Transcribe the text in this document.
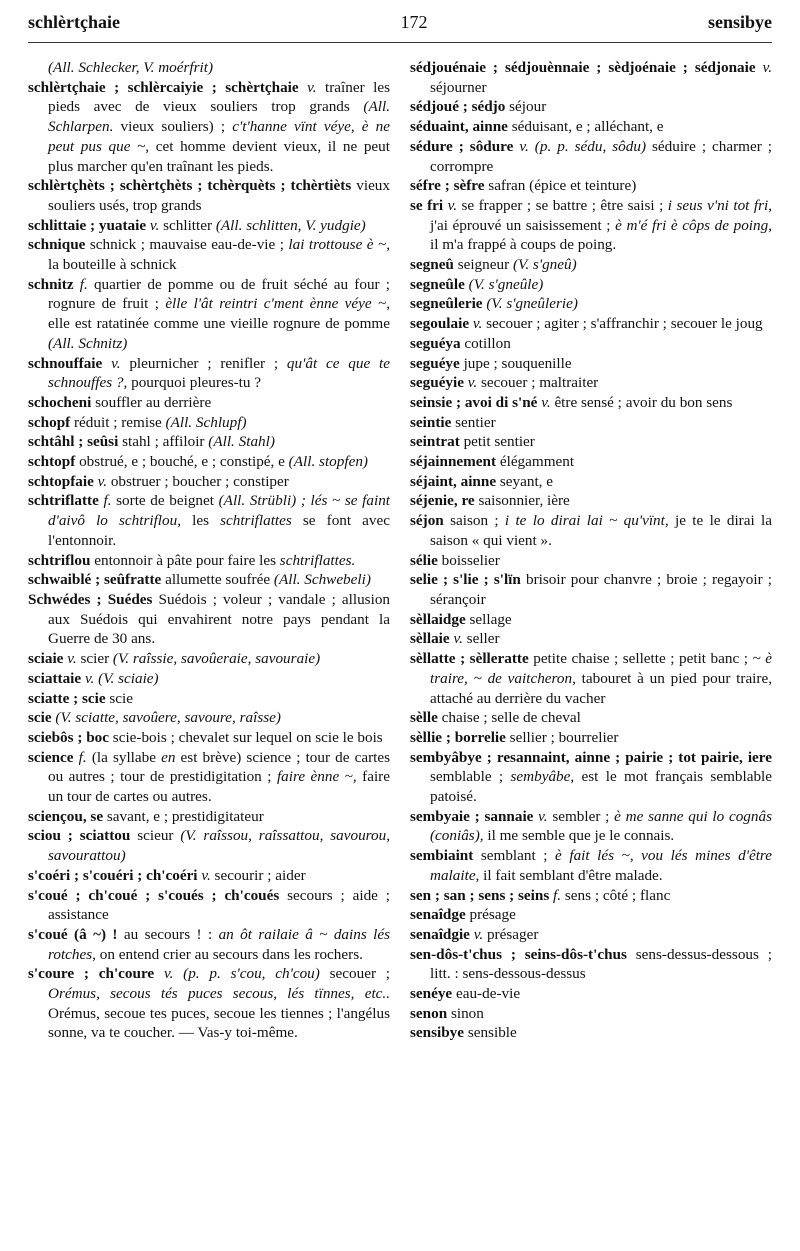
schlèrtçhaie	172	sensibye

(All. Schlecker, V. moérfrit)

schlèrtçhaie ; schlèrcaiyie ; schèrtçhaie v. traîner les pieds avec de vieux souliers trop grands (All. Schlarpen. vieux souliers) ; c't'hanne vïnt véye, è ne peut pus que ~, cet homme devient vieux, il ne peut plus marcher qu'en traînant les pieds.

schlèrtçhèts ; schèrtçhèts ; tchèrquèts ; tchèrtièts vieux souliers usés, trop grands

schlittaie ; yuataie v. schlitter (All. schlitten, V. yudgie)

schnique schnick ; mauvaise eau-de-vie ; lai trottouse è ~, la bouteille à schnick

schnitz f. quartier de pomme ou de fruit séché au four ; rognure de fruit ; èlle l'ât reintri c'ment ènne véye ~, elle est ratatinée comme une vieille rognure de pomme (All. Schnitz)

schnouffaie v. pleurnicher ; renifler ; qu'ât ce que te schnouffes ?, pourquoi pleures-tu ?

schocheni souffler au derrière

schopf réduit ; remise (All. Schlupf)

schtâhl ; seûsi stahl ; affiloir (All. Stahl)

schtopf obstrué, e ; bouché, e ; constipé, e (All. stopfen)

schtopfaie v. obstruer ; boucher ; constiper

schtriflatte f. sorte de beignet (All. Strübli) ; lés ~ se faint d'aivô lo schtriflou, les schtriflattes se font avec l'entonnoir.

schtriflou entonnoir à pâte pour faire les schtriflattes.

schwaiblé ; seûfratte allumette soufrée (All. Schwebeli)

Schwédes ; Suédes Suédois ; voleur ; vandale ; allusion aux Suédois qui envahirent notre pays pendant la Guerre de 30 ans.

sciaie v. scier (V. raîssie, savoûeraie, savouraie)

sciattaie v. (V. sciaie)

sciatte ; scie scie

scie (V. sciatte, savoûere, savoure, raîsse)

sciebôs ; boc scie-bois ; chevalet sur lequel on scie le bois

science f. (la syllabe en est brève) science ; tour de cartes ou autres ; tour de prestidigitation ; faire ènne ~, faire un tour de cartes ou autres.

sciençou, se savant, e ; prestidigitateur

sciou ; sciattou scieur (V. raîssou, raîssattou, savourou, savourattou)

s'coéri ; s'couéri ; ch'coéri v. secourir ; aider

s'coué ; ch'coué ; s'coués ; ch'coués secours ; aide ; assistance

s'coué (â ~) ! au secours ! : an ôt railaie â ~ dains lés rotches, on entend crier au secours dans les rochers.

s'coure ; ch'coure v. (p. p. s'cou, ch'cou) secouer ; Orémus, secous tés puces secous, lés tïnnes, etc.. Orémus, secoue tes puces, secoue les tiennes ; l'angélus sonne, va te coucher. — Vas-y toi-même.

sédjouénaie ; sédjouènnaie ; sèdjoénaie ; sédjonaie v. séjourner

sédjoué ; sédjo séjour

séduaint, ainne séduisant, e ; alléchant, e

sédure ; sôdure v. (p. p. sédu, sôdu) séduire ; charmer ; corrompre

séfre ; sèfre safran (épice et teinture)

se fri v. se frapper ; se battre ; être saisi ; i seus v'ni tot fri, j'ai éprouvé un saisissement ; è m'é fri è côps de poing, il m'a frappé à coups de poing.

segneû seigneur (V. s'gneû)

segneûle (V. s'gneûle)

segneûlerie (V. s'gneûlerie)

segoulaie v. secouer ; agiter ; s'affranchir ; secouer le joug

seguéya cotillon

seguéye jupe ; souquenille

seguéyie v. secouer ; maltraiter

seinsie ; avoi di s'né v. être sensé ; avoir du bon sens

seintie sentier

seintrat petit sentier

séjainnement élégamment

séjaint, ainne seyant, e

séjenie, re saisonnier, ière

séjon saison ; i te lo dirai lai ~ qu'vïnt, je te le dirai la saison « qui vient ».

sélie boisselier

selie ; s'lie ; s'lïn brisoir pour chanvre ; broie ; regayoir ; sérançoir

sèllaidge sellage

sèllaie v. seller

sèllatte ; sèlleratte petite chaise ; sellette ; petit banc ; ~ è traire, ~ de vaitcheron, tabouret à un pied pour traire, attaché au derrière du vacher

sèlle chaise ; selle de cheval

sèllie ; borrelie sellier ; bourrelier

sembyâbye ; resannaint, ainne ; pairie ; tot pairie, iere semblable ; sembyâbe, est le mot français semblable patoisé.

sembyaie ; sannaie v. sembler ; è me sanne qui lo cognâs (coniâs), il me semble que je le connais.

sembiaint semblant ; è fait lés ~, vou lés mines d'être malaite, il fait semblant d'être malade.

sen ; san ; sens ; seins f. sens ; côté ; flanc

senaîdge présage

senaîdgie v. présager

sen-dôs-t'chus ; seins-dôs-t'chus sens-dessus-dessous ; litt. : sens-dessous-dessus

senéye eau-de-vie

senon sinon

sensibye sensible
